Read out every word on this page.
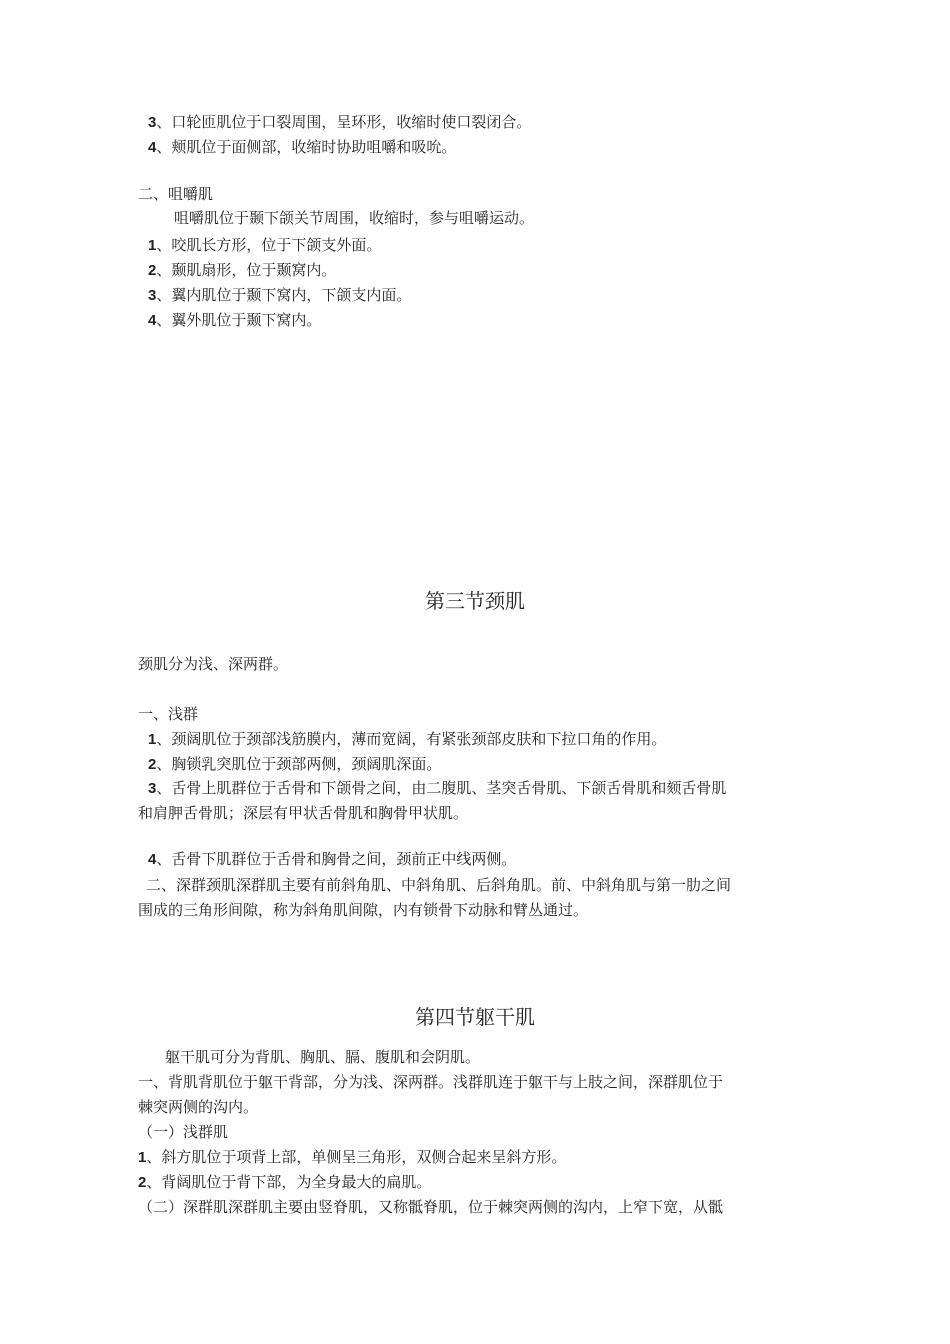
3、口轮匝肌位于口裂周围，呈环形，收缩时使口裂闭合。
4、颊肌位于面侧部，收缩时协助咀嚼和吸吮。
二、咀嚼肌
咀嚼肌位于颞下颌关节周围，收缩时，参与咀嚼运动。
1、咬肌长方形，位于下颌支外面。
2、颞肌扇形，位于颞窝内。
3、翼内肌位于颞下窝内，下颌支内面。
4、翼外肌位于颞下窝内。
第三节颈肌
颈肌分为浅、深两群。
一、浅群
1、颈阔肌位于颈部浅筋膜内，薄而宽阔，有紧张颈部皮肤和下拉口角的作用。
2、胸锁乳突肌位于颈部两侧，颈阔肌深面。
3、舌骨上肌群位于舌骨和下颌骨之间，由二腹肌、茎突舌骨肌、下颌舌骨肌和颏舌骨肌
和肩胛舌骨肌；深层有甲状舌骨肌和胸骨甲状肌。
4、舌骨下肌群位于舌骨和胸骨之间，颈前正中线两侧。
二、深群颈肌深群肌主要有前斜角肌、中斜角肌、后斜角肌。前、中斜角肌与第一肋之间
围成的三角形间隙，称为斜角肌间隙，内有锁骨下动脉和臂丛通过。
第四节躯干肌
躯干肌可分为背肌、胸肌、膈、腹肌和会阴肌。
一、背肌背肌位于躯干背部，分为浅、深两群。浅群肌连于躯干与上肢之间，深群肌位于
棘突两侧的沟内。
（一）浅群肌
1、斜方肌位于项背上部，单侧呈三角形，双侧合起来呈斜方形。
2、背阔肌位于背下部，为全身最大的扁肌。
（二）深群肌深群肌主要由竖脊肌，又称骶脊肌，位于棘突两侧的沟内，上窄下宽，从骶
